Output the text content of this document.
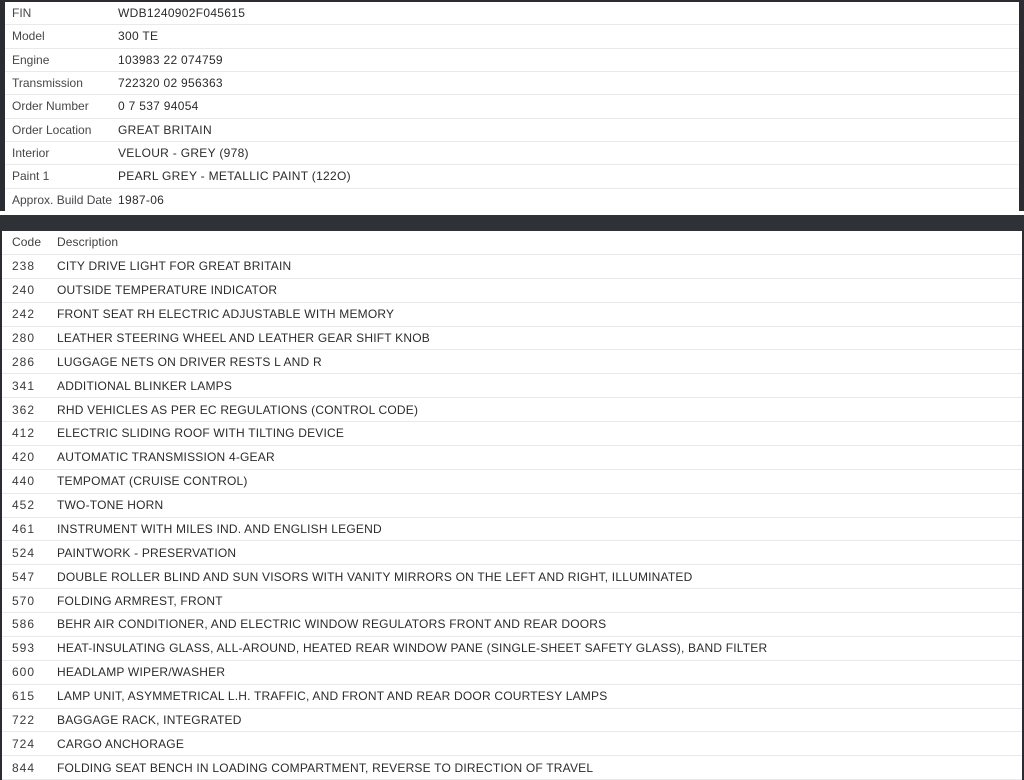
FIN	WDB1240902F045615
Model	300 TE
Engine	103983 22 074759
Transmission	722320 02 956363
Order Number	0 7 537 94054
Order Location	GREAT BRITAIN
Interior	VELOUR - GREY (978)
Paint 1	PEARL GREY - METALLIC PAINT (122O)
Approx. Build Date 1987-06
Code	Description
238	CITY DRIVE LIGHT FOR GREAT BRITAIN
240	OUTSIDE TEMPERATURE INDICATOR
242	FRONT SEAT RH ELECTRIC ADJUSTABLE WITH MEMORY
280	LEATHER STEERING WHEEL AND LEATHER GEAR SHIFT KNOB
286	LUGGAGE NETS ON DRIVER RESTS L AND R
341	ADDITIONAL BLINKER LAMPS
362	RHD VEHICLES AS PER EC REGULATIONS (CONTROL CODE)
412	ELECTRIC SLIDING ROOF WITH TILTING DEVICE
420	AUTOMATIC TRANSMISSION 4-GEAR
440	TEMPOMAT (CRUISE CONTROL)
452	TWO-TONE HORN
461	INSTRUMENT WITH MILES IND. AND ENGLISH LEGEND
524	PAINTWORK - PRESERVATION
547	DOUBLE ROLLER BLIND AND SUN VISORS WITH VANITY MIRRORS ON THE LEFT AND RIGHT, ILLUMINATED
570	FOLDING ARMREST, FRONT
586	BEHR AIR CONDITIONER, AND ELECTRIC WINDOW REGULATORS FRONT AND REAR DOORS
593	HEAT-INSULATING GLASS, ALL-AROUND, HEATED REAR WINDOW PANE (SINGLE-SHEET SAFETY GLASS), BAND FILTER
600	HEADLAMP WIPER/WASHER
615	LAMP UNIT, ASYMMETRICAL L.H. TRAFFIC, AND FRONT AND REAR DOOR COURTESY LAMPS
722	BAGGAGE RACK, INTEGRATED
724	CARGO ANCHORAGE
844	FOLDING SEAT BENCH IN LOADING COMPARTMENT, REVERSE TO DIRECTION OF TRAVEL
